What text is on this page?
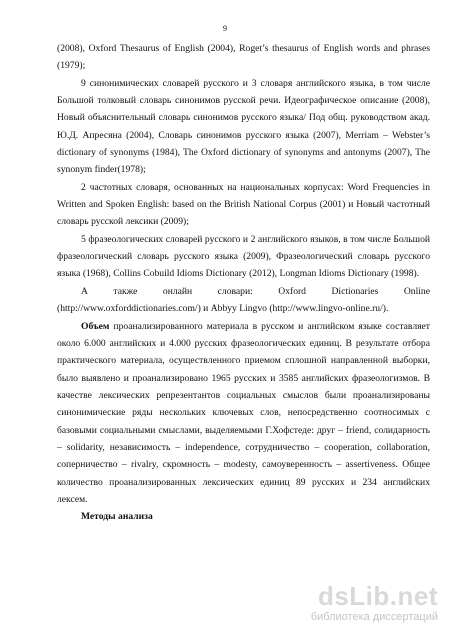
9

(2008), Oxford Thesaurus of English (2004), Roget’s thesaurus of English words and phrases (1979);

9 синонимических словарей русского и 3 словаря английского языка, в том числе Большой толковый словарь синонимов русской речи. Идеографическое описание (2008), Новый объяснительный словарь синонимов русского языка/ Под общ. руководством акад. Ю.Д. Апресяна (2004), Словарь синонимов русского языка (2007), Merriam – Webster’s dictionary of synonyms (1984), The Oxford dictionary of synonyms and antonyms (2007), The synonym finder(1978);

2 частотных словаря, основанных на национальных корпусах: Word Frequencies in Written and Spoken English: based on the British National Corpus (2001) и Новый частотный словарь русской лексики (2009);

5 фразеологических словарей русского и 2 английского языков, в том числе Большой фразеологический словарь русского языка (2009), Фразеологический словарь русского языка (1968), Collins Cobuild Idioms Dictionary (2012), Longman Idioms Dictionary (1998).

А также онлайн словари: Oxford Dictionaries Online (http://www.oxforddictionaries.com/) и Abbyy Lingvo (http://www.lingvo-online.ru/).

Объем проанализированного материала в русском и английском языке составляет около 6.000 английских и 4.000 русских фразеологических единиц. В результате отбора практического материала, осуществленного приемом сплошной направленной выборки, было выявлено и проанализировано 1965 русских и 3585 английских фразеологизмов. В качестве лексических репрезентантов социальных смыслов были проанализированы синонимические ряды нескольких ключевых слов, непосредственно соотносимых с базовыми социальными смыслами, выделяемыми Г.Хофстеде: друг – friend, солидарность – solidarity, независимость – independence, сотрудничество – cooperation, collaboration, соперничество – rivalry, скромность – modesty, самоуверенность – assertiveness. Общее количество проанализированных лексических единиц 89 русских и 234 английских лексем.

Методы анализа

dsLib.net
библиотека диссертаций
